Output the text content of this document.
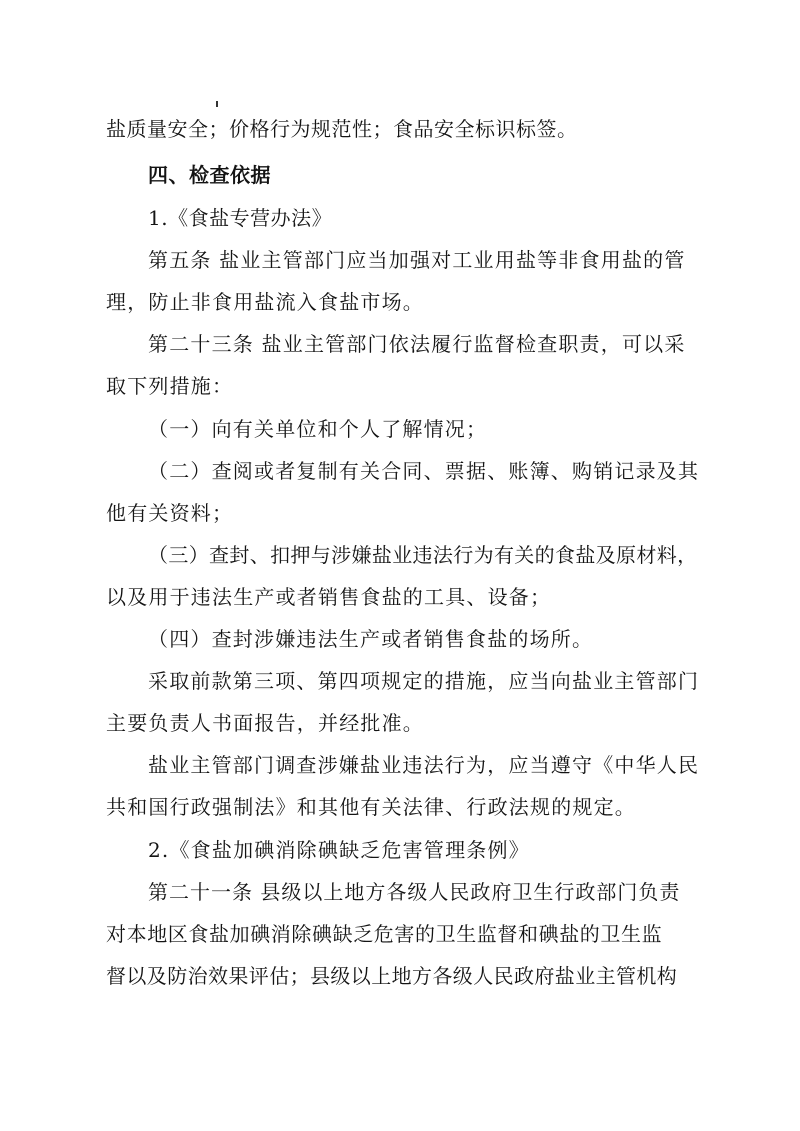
盐质量安全；价格行为规范性；食品安全标识标签。
四、检查依据
1.《食盐专营办法》
第五条 盐业主管部门应当加强对工业用盐等非食用盐的管
理，防止非食用盐流入食盐市场。
第二十三条 盐业主管部门依法履行监督检查职责，可以采
取下列措施：
（一）向有关单位和个人了解情况；
（二）查阅或者复制有关合同、票据、账簿、购销记录及其
他有关资料；
（三）查封、扣押与涉嫌盐业违法行为有关的食盐及原材料，
以及用于违法生产或者销售食盐的工具、设备；
（四）查封涉嫌违法生产或者销售食盐的场所。
采取前款第三项、第四项规定的措施，应当向盐业主管部门
主要负责人书面报告，并经批准。
盐业主管部门调查涉嫌盐业违法行为，应当遵守《中华人民
共和国行政强制法》和其他有关法律、行政法规的规定。
2.《食盐加碘消除碘缺乏危害管理条例》
第二十一条 县级以上地方各级人民政府卫生行政部门负责
对本地区食盐加碘消除碘缺乏危害的卫生监督和碘盐的卫生监
督以及防治效果评估；县级以上地方各级人民政府盐业主管机构
